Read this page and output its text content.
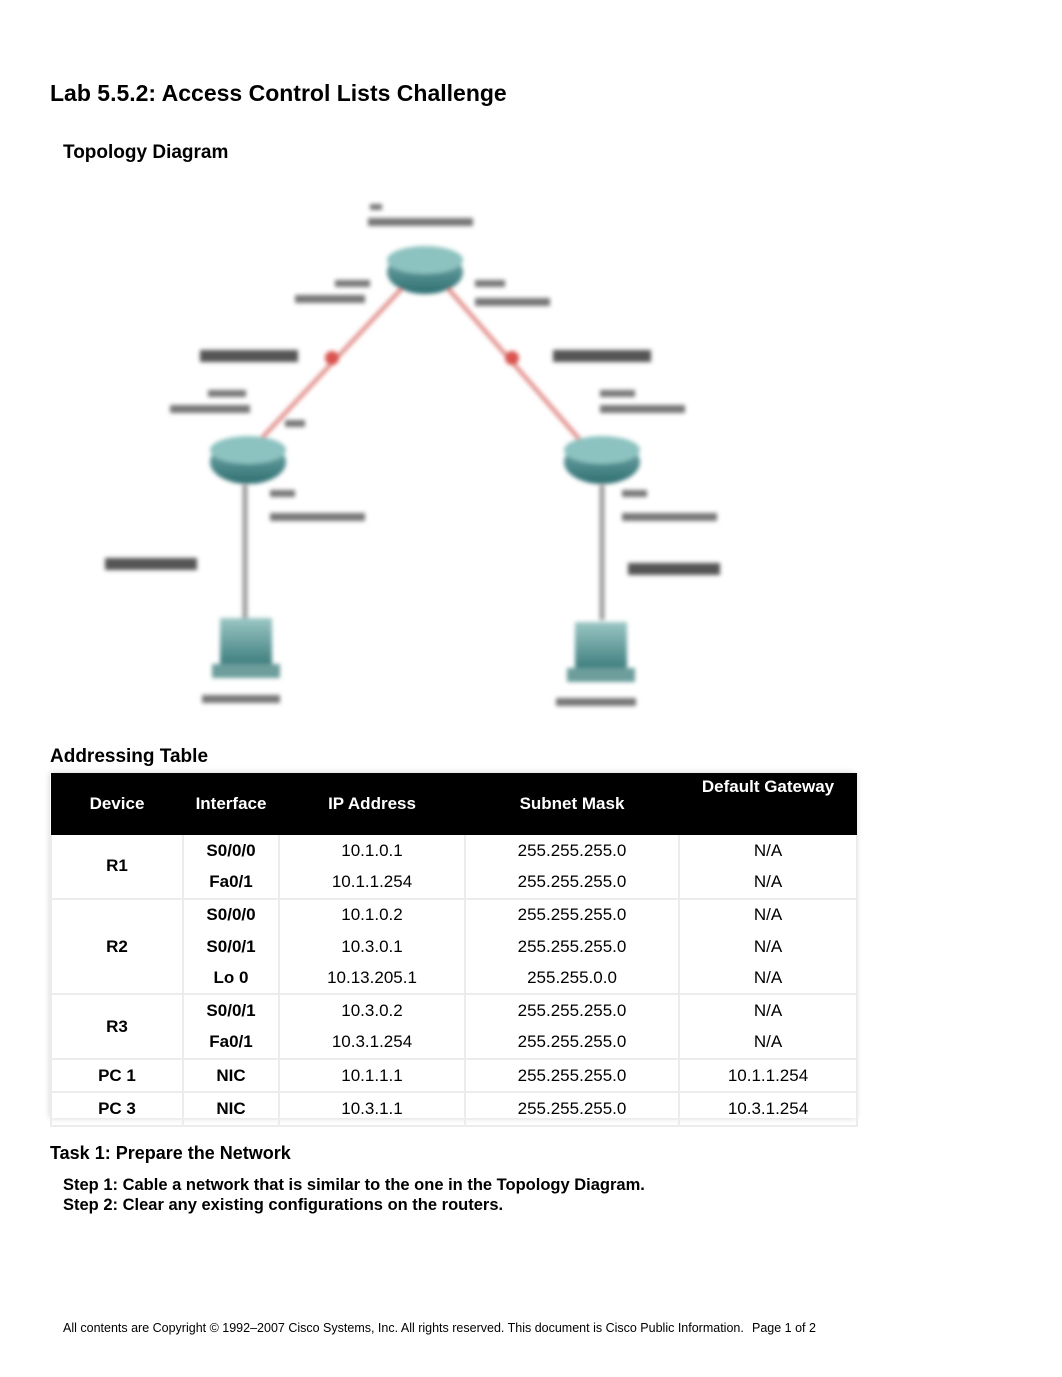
Lab 5.5.2: Access Control Lists Challenge
Topology Diagram
Addressing Table
Device	Interface	IP Address	Subnet Mask	Default Gateway
R1	S0/0/0	10.1.0.1	255.255.255.0	N/A
	Fa0/1	10.1.1.254	255.255.255.0	N/A
R2	S0/0/0	10.1.0.2	255.255.255.0	N/A
	S0/0/1	10.3.0.1	255.255.255.0	N/A
	Lo 0	10.13.205.1	255.255.0.0	N/A
R3	S0/0/1	10.3.0.2	255.255.255.0	N/A
	Fa0/1	10.3.1.254	255.255.255.0	N/A
PC 1	NIC	10.1.1.1	255.255.255.0	10.1.1.254
PC 3	NIC	10.3.1.1	255.255.255.0	10.3.1.254
Task 1: Prepare the Network
Step 1: Cable a network that is similar to the one in the Topology Diagram.
Step 2: Clear any existing configurations on the routers.
All contents are Copyright © 1992–2007 Cisco Systems, Inc. All rights reserved. This document is Cisco Public Information. Page 1 of 2
